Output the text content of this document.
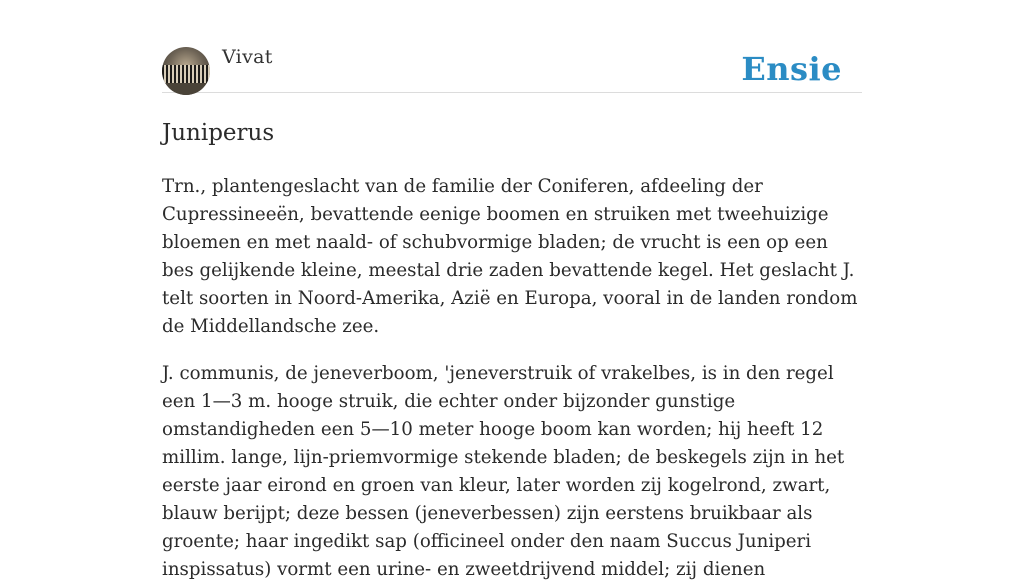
Vivat	Ensie
Juniperus

Trn., plantengeslacht van de familie der Coniferen, afdeeling der Cupressineeën, bevattende eenige boomen en struiken met tweehuizige bloemen en met naald- of schubvormige bladen; de vrucht is een op een bes gelijkende kleine, meestal drie zaden bevattende kegel. Het geslacht J. telt soorten in Noord-Amerika, Azië en Europa, vooral in de landen rondom de Middellandsche zee.

J. communis, de jeneverboom, 'jeneverstruik of vrakelbes, is in den regel een 1—3 m. hooge struik, die echter onder bijzonder gunstige omstandigheden een 5—10 meter hooge boom kan worden; hij heeft 12 millim. lange, lijn-priemvormige stekende bladen; de beskegels zijn in het eerste jaar eirond en groen van kleur, later worden zij kogelrond, zwart, blauw berijpt; deze bessen (jeneverbessen) zijn eerstens bruikbaar als groente; haar ingedikt sap (officineel onder den naam Succus Juniperi inspissatus) vormt een urine- en zweetdrijvend middel; zij dienen
